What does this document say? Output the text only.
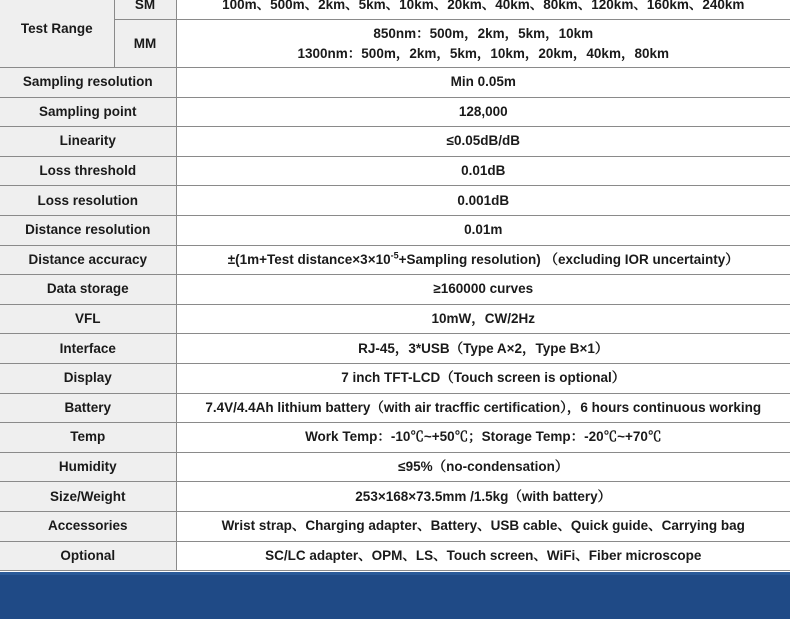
Test Range	SM	100m、500m、2km、5km、10km、20km、40km、80km、120km、160km、240km
	MM	850nm：500m，2km，5km，10km
1300nm：500m，2km，5km，10km，20km，40km，80km

Sampling resolution		Min 0.05m
Sampling point		128,000
Linearity		≤0.05dB/dB
Loss threshold		0.01dB
Loss resolution		0.001dB
Distance resolution		0.01m
Distance accuracy		±(1m+Test $distance\times 3\times 10^{-5}+Sampling$ resolution) （excluding IOR uncertainty）
Data storage		≥160000 curves
VFL		10mW，CW/2Hz
Interface		RJ-45，3*USB（Type A×2，Type B×1）
Display		7 inch TFT-LCD（Touch screen is optional）
Battery		7.4V/4.4Ah lithium battery（with air tracffic certification），6 hours continuous working
Temp		Work Temp：-10℃~+50℃；Storage Temp：-20℃~+70℃
Humidity		≤95%（no-condensation）
Size/Weight		253×168×73.5mm /1.5kg（with battery）
Accessories		Wrist strap、Charging adapter、Battery、USB cable、Quick guide、Carrying bag
Optional		SC/LC adapter、OPM、LS、Touch screen、WiFi、Fiber microscope
